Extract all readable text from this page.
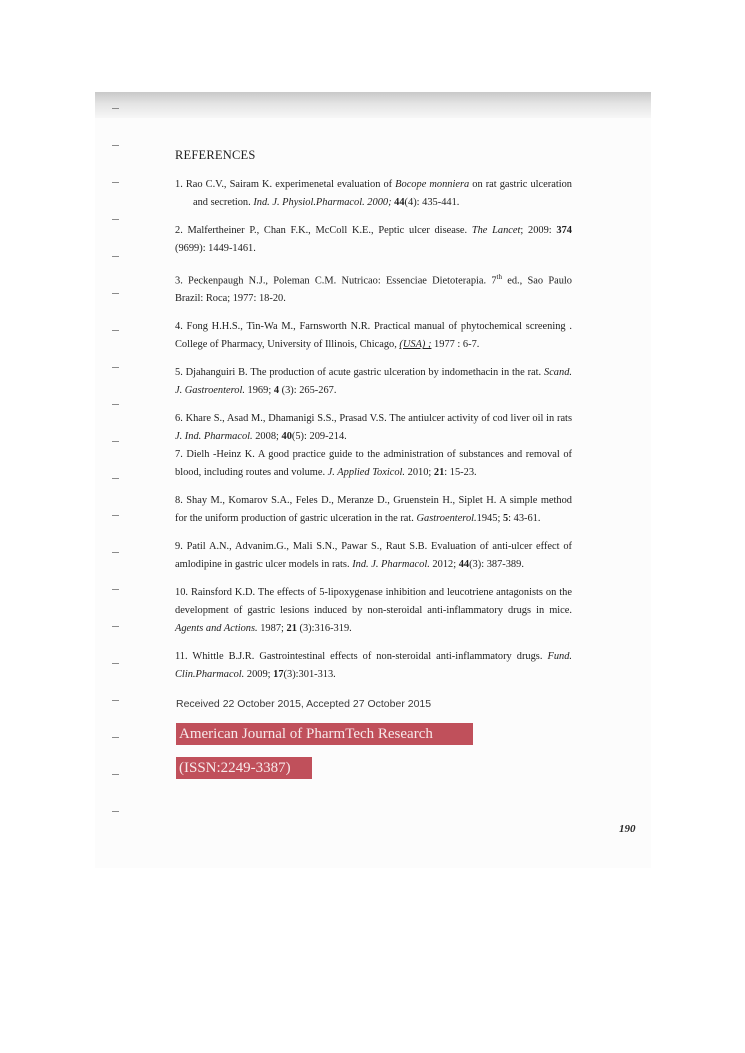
REFERENCES

1. Rao C.V., Sairam K. experimenetal evaluation of Bocope monniera on rat gastric ulceration and secretion. Ind. J. Physiol.Pharmacol. 2000; 44(4): 435-441.

2. Malfertheiner P., Chan F.K., McColl K.E., Peptic ulcer disease. The Lancet; 2009: 374 (9699): 1449-1461.

3. Peckenpaugh N.J., Poleman C.M. Nutricao: Essenciae Dietoterapia. 7th ed., Sao Paulo Brazil: Roca; 1977: 18-20.

4. Fong H.H.S., Tin-Wa M., Farnsworth N.R. Practical manual of phytochemical screening . College of Pharmacy, University of Illinois, Chicago, (USA) ; 1977 : 6-7.

5. Djahanguiri B. The production of acute gastric ulceration by indomethacin in the rat. Scand. J. Gastroenterol. 1969; 4 (3): 265-267.

6. Khare S., Asad M., Dhamanigi S.S., Prasad V.S. The antiulcer activity of cod liver oil in rats J. Ind. Pharmacol. 2008; 40(5): 209-214.

7. Dielh -Heinz K. A good practice guide to the administration of substances and removal of blood, including routes and volume. J. Applied Toxicol. 2010; 21: 15-23.

8. Shay M., Komarov S.A., Feles D., Meranze D., Gruenstein H., Siplet H. A simple method for the uniform production of gastric ulceration in the rat. Gastroenterol.1945; 5: 43-61.

9. Patil A.N., Advanim.G., Mali S.N., Pawar S., Raut S.B. Evaluation of anti-ulcer effect of amlodipine in gastric ulcer models in rats. Ind. J. Pharmacol. 2012; 44(3): 387-389.

10. Rainsford K.D. The effects of 5-lipoxygenase inhibition and leucotriene antagonists on the development of gastric lesions induced by non-steroidal anti-inflammatory drugs in mice. Agents and Actions. 1987; 21 (3):316-319.

11. Whittle B.J.R. Gastrointestinal effects of non-steroidal anti-inflammatory drugs. Fund. Clin.Pharmacol. 2009; 17(3):301-313.

Received 22 October 2015, Accepted 27 October 2015
American Journal of PharmTech Research
(ISSN:2249-3387)
190
